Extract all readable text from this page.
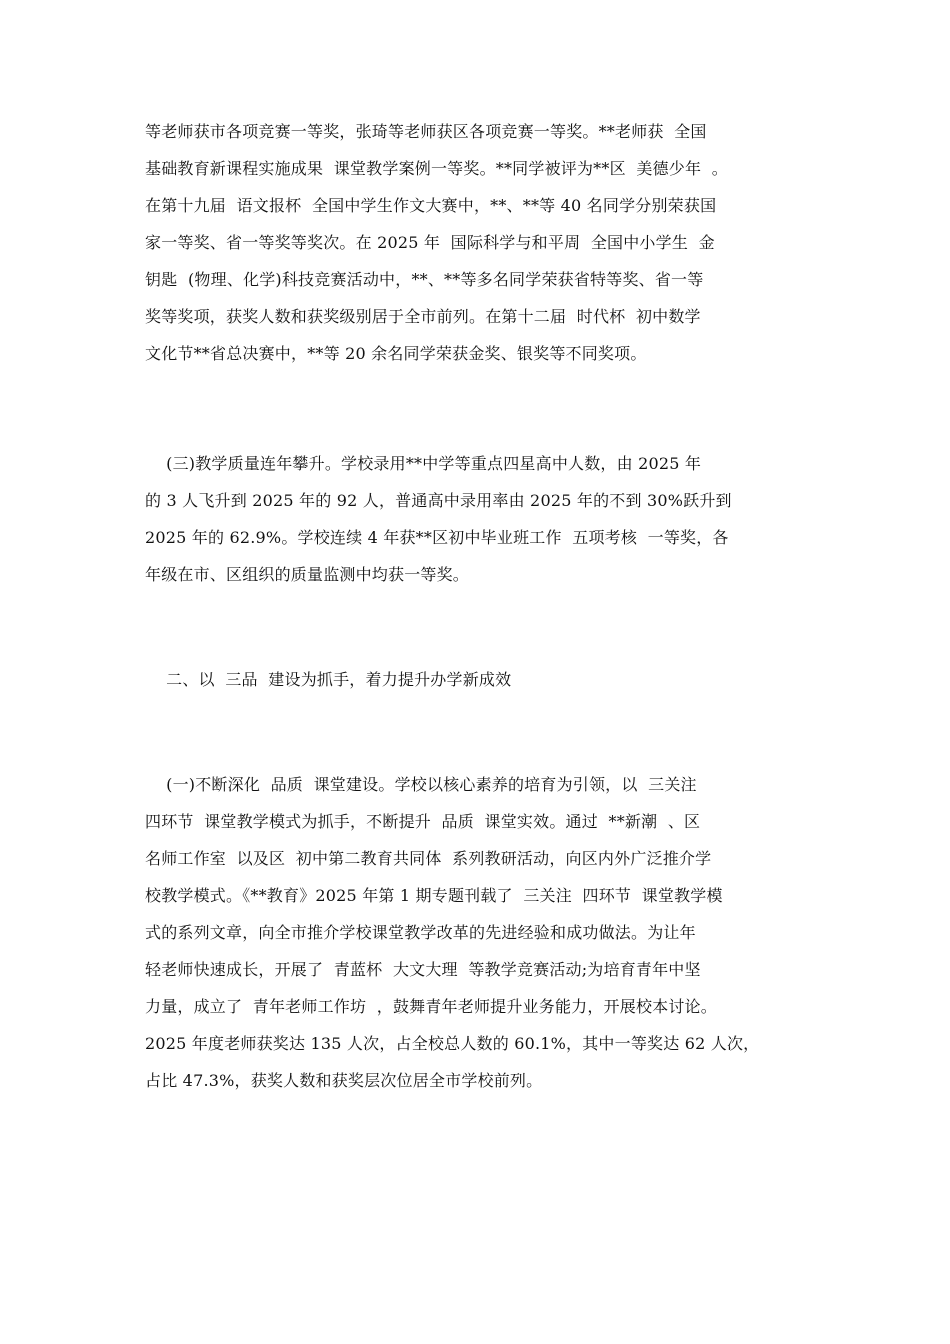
等老师获市各项竞赛一等奖，张琦等老师获区各项竞赛一等奖。**老师获  全国
基础教育新课程实施成果  课堂教学案例一等奖。**同学被评为**区  美德少年  。
在第十九届  语文报杯  全国中学生作文大赛中，**、**等 40 名同学分别荣获国
家一等奖、省一等奖等奖次。在 2025 年  国际科学与和平周  全国中小学生  金
钥匙  (物理、化学)科技竞赛活动中，**、**等多名同学荣获省特等奖、省一等
奖等奖项，获奖人数和获奖级别居于全市前列。在第十二届  时代杯  初中数学
文化节**省总决赛中，**等 20 余名同学荣获金奖、银奖等不同奖项。
(三)教学质量连年攀升。学校录用**中学等重点四星高中人数，由 2025 年
的 3 人飞升到 2025 年的 92 人，普通高中录用率由 2025 年的不到 30%跃升到
2025 年的 62.9%。学校连续 4 年获**区初中毕业班工作  五项考核  一等奖，各
年级在市、区组织的质量监测中均获一等奖。
二、以  三品  建设为抓手，着力提升办学新成效
(一)不断深化  品质  课堂建设。学校以核心素养的培育为引领，以  三关注
四环节  课堂教学模式为抓手，不断提升  品质  课堂实效。通过  **新潮  、区
名师工作室  以及区  初中第二教育共同体  系列教研活动，向区内外广泛推介学
校教学模式。《**教育》2025 年第 1 期专题刊载了  三关注  四环节  课堂教学模
式的系列文章，向全市推介学校课堂教学改革的先进经验和成功做法。为让年
轻老师快速成长，开展了  青蓝杯  大文大理  等教学竞赛活动;为培育青年中坚
力量，成立了  青年老师工作坊  ，鼓舞青年老师提升业务能力，开展校本讨论。
2025 年度老师获奖达 135 人次，占全校总人数的 60.1%，其中一等奖达 62 人次，
占比 47.3%，获奖人数和获奖层次位居全市学校前列。
